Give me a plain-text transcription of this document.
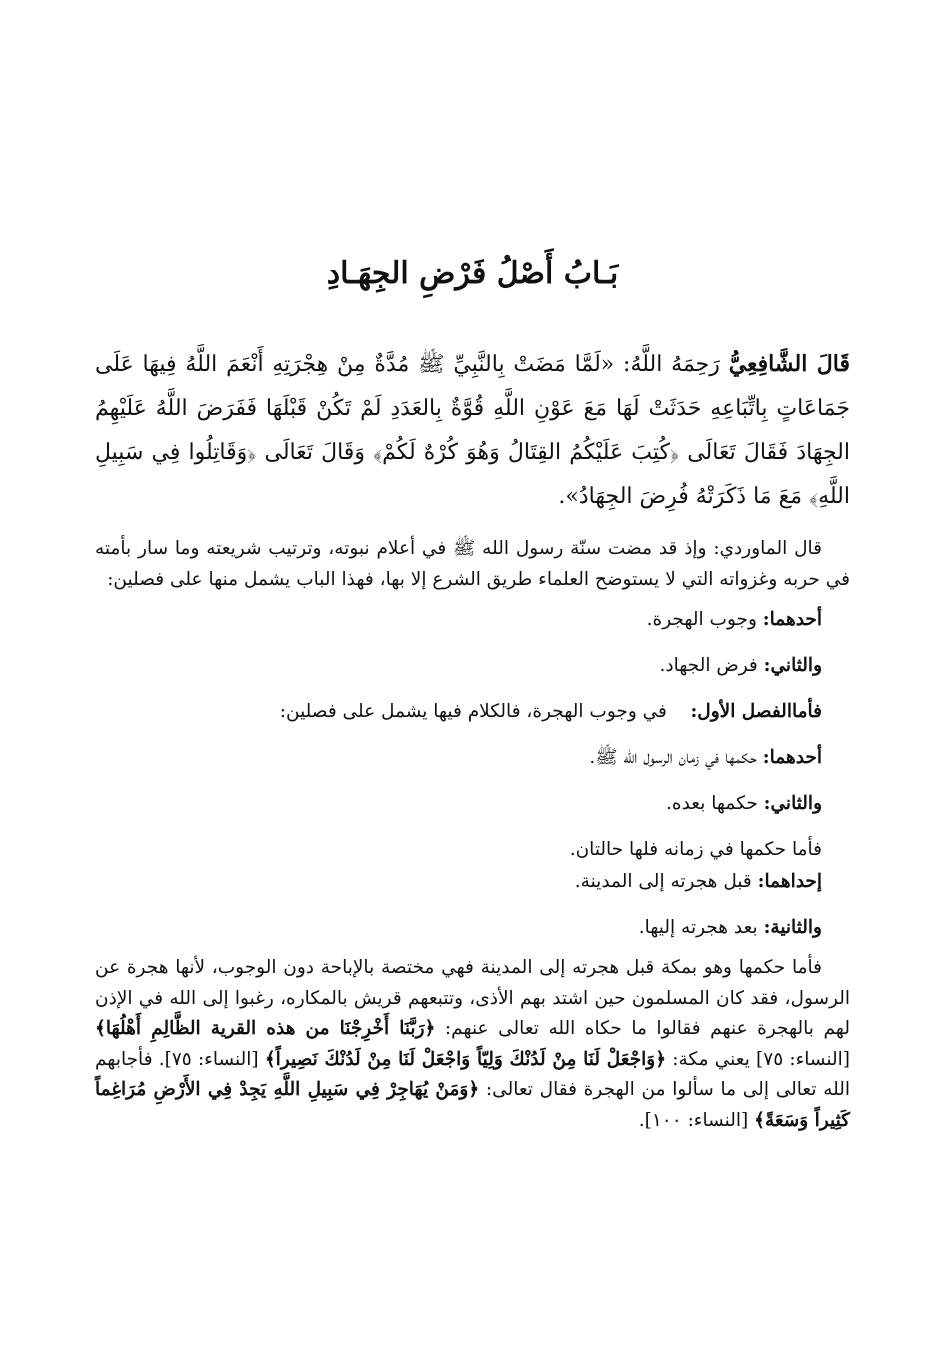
بَـابُ أَصْلُ فَرْضِ الجِهَـادِ

قَالَ الشَّافِعِيُّ رَحِمَهُ اللَّهُ: «لَمَّا مَضَتْ بِالنَّبِيِّ ﷺ مُدَّةٌ مِنْ هِجْرَتِهِ أَنْعَمَ اللَّهُ فِيهَا عَلَى جَمَاعَاتٍ بِاتِّبَاعِهِ حَدَثَتْ لَهَا مَعَ عَوْنِ اللَّهِ قُوَّةٌ بِالعَدَدِ لَمْ تَكُنْ قَبْلَهَا فَفَرَضَ اللَّهُ عَلَيْهِمُ الجِهَادَ فَقَالَ تَعَالَى ﴿كُتِبَ عَلَيْكُمُ القِتَالُ وَهُوَ كُرْهٌ لَكُمْ﴾ وَقَالَ تَعَالَى ﴿وَقَاتِلُوا فِي سَبِيلِ اللَّهِ﴾ مَعَ مَا ذَكَرَتْهُ فُرِضَ الجِهَادُ».

قال الماوردي: وإذ قد مضت سنّة رسول الله ﷺ في أعلام نبوته، وترتيب شريعته وما سار بأمته في حربه وغزواته التي لا يستوضح العلماء طريق الشرع إلا بها، فهذا الباب يشمل منها على فصلين:

أحدهما: وجوب الهجرة.

والثاني: فرض الجهاد.

فأماالفصل الأول:    في وجوب الهجرة، فالكلام فيها يشمل على فصلين:

أحدهما: حكمها في زمان الرسول الله ﷺ.

والثاني: حكمها بعده.

فأما حكمها في زمانه فلها حالتان.

إحداهما: قبل هجرته إلى المدينة.

والثانية: بعد هجرته إليها.

فأما حكمها وهو بمكة قبل هجرته إلى المدينة فهي مختصة بالإباحة دون الوجوب، لأنها هجرة عن الرسول، فقد كان المسلمون حين اشتد بهم الأذى، وتتبعهم قريش بالمكاره، رغبوا إلى الله في الإذن لهم بالهجرة عنهم فقالوا ما حكاه الله تعالى عنهم: ﴿رَبَّنَا أَخْرِجْنَا من هذه القرية الظَّالِمِ أَهْلُهَا﴾ [النساء: ٧٥] يعني مكة: ﴿وَاجْعَلْ لَنَا مِنْ لَدُنْكَ وَلِيّاً وَاجْعَلْ لَنَا مِنْ لَدُنْكَ نَصِيراً﴾ [النساء: ٧٥]. فأجابهم الله تعالى إلى ما سألوا من الهجرة فقال تعالى: ﴿وَمَنْ يُهَاجِرْ فِي سَبِيلِ اللَّهِ يَجِدْ فِي الأَرْضِ مُرَاغِماً كَثِيراً وَسَعَةً﴾ [النساء: ١٠٠].
